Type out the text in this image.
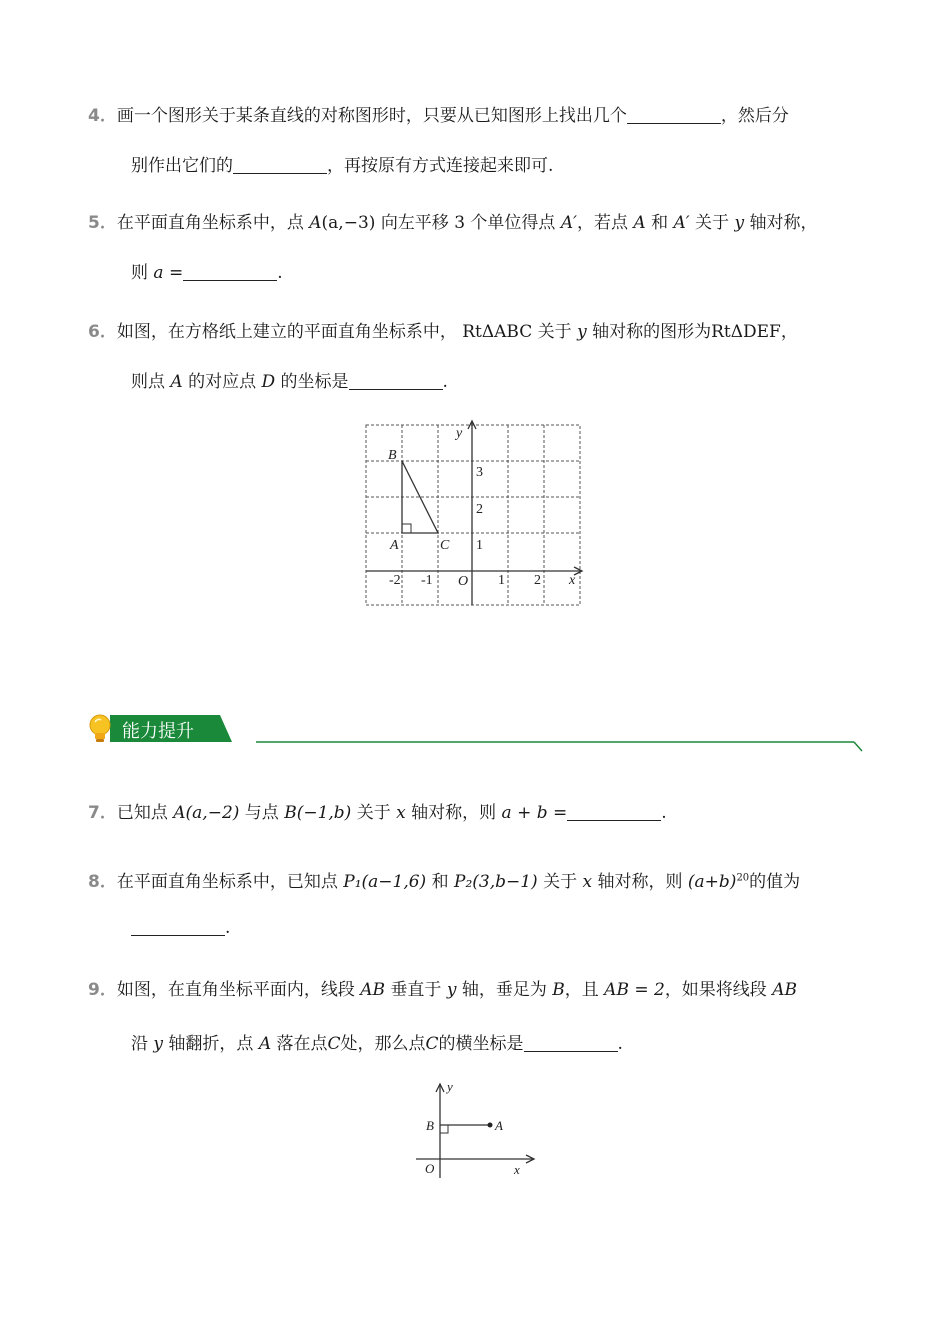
4．画一个图形关于某条直线的对称图形时，只要从已知图形上找出几个	，然后分
别作出它们的	，再按原有方式连接起来即可.
5．在平面直角坐标系中，点 A(a,−3) 向左平移 3 个单位得点 A′，若点 A 和 A′ 关于 y 轴对称，
则 a =	.
6．如图，在方格纸上建立的平面直角坐标系中， RtΔABC 关于 y 轴对称的图形为RtΔDEF，
则点 A 的对应点 D 的坐标是	.
y
x
O
-2 -1	1 2
1
2
3
B
A	C
能力提升
7．已知点 A(a,−2) 与点 B(−1,b) 关于 x 轴对称，则 a + b =	.
8．在平面直角坐标系中，已知点 P₁(a−1,6) 和 P₂(3,b−1) 关于 x 轴对称，则 $(a+b)^{20}$的值为
.
9．如图，在直角坐标平面内，线段 AB 垂直于 y 轴，垂足为 B，且 AB = 2，如果将线段 AB
沿 y 轴翻折，点 A 落在点C处，那么点C的横坐标是	.
y
x
O
B	A
